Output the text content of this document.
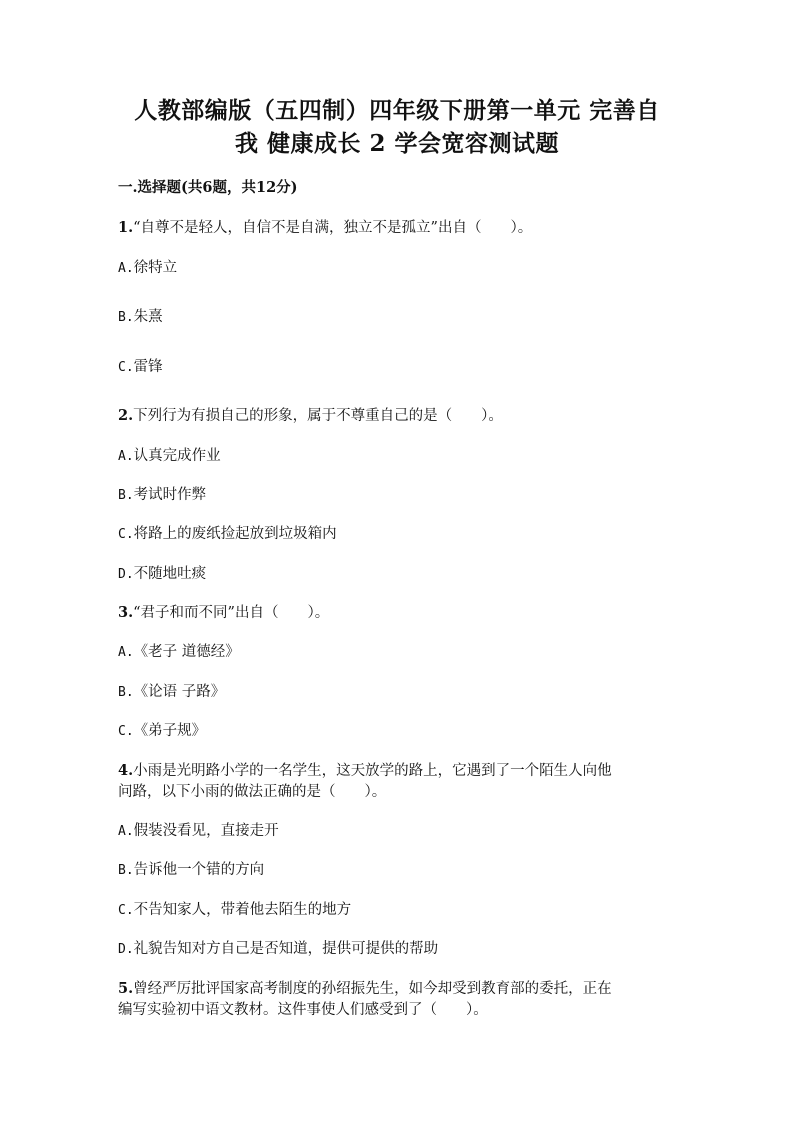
人教部编版（五四制）四年级下册第一单元 完善自
我 健康成长 2 学会宽容测试题
一.选择题(共6题，共12分)
1.“自尊不是轻人，自信不是自满，独立不是孤立”出自（　　）。
A.徐特立
B.朱熹
C.雷锋
2.下列行为有损自己的形象，属于不尊重自己的是（　　）。
A.认真完成作业
B.考试时作弊
C.将路上的废纸捡起放到垃圾箱内
D.不随地吐痰
3.“君子和而不同”出自（　　）。
A.《老子 道德经》
B.《论语 子路》
C.《弟子规》
4.小雨是光明路小学的一名学生，这天放学的路上，它遇到了一个陌生人向他
问路，以下小雨的做法正确的是（　　）。
A.假装没看见，直接走开
B.告诉他一个错的方向
C.不告知家人，带着他去陌生的地方
D.礼貌告知对方自己是否知道，提供可提供的帮助
5.曾经严厉批评国家高考制度的孙绍振先生，如今却受到教育部的委托，正在
编写实验初中语文教材。这件事使人们感受到了（　　）。
